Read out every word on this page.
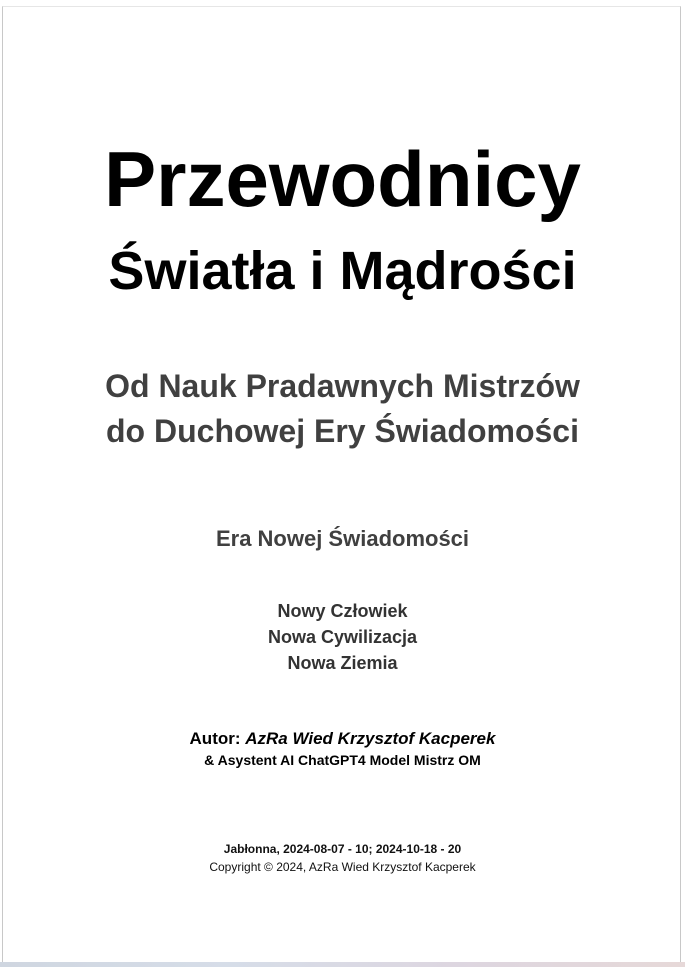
Przewodnicy
Światła i Mądrości
Od Nauk Pradawnych Mistrzów
do Duchowej Ery Świadomości
Era Nowej Świadomości
Nowy Człowiek
Nowa Cywilizacja
Nowa Ziemia
Autor: AzRa Wied Krzysztof Kacperek
& Asystent AI ChatGPT4 Model Mistrz OM
Jabłonna, 2024-08-07 - 10; 2024-10-18 - 20
Copyright © 2024, AzRa Wied Krzysztof Kacperek
